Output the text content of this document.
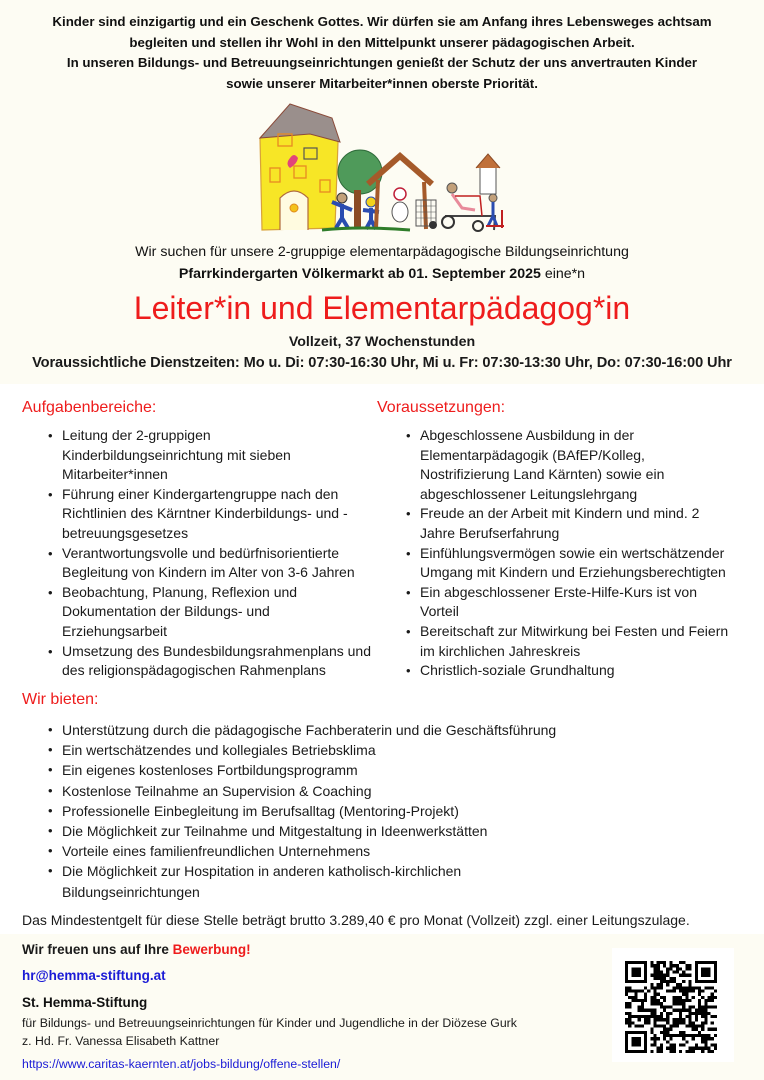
Kinder sind einzigartig und ein Geschenk Gottes. Wir dürfen sie am Anfang ihres Lebensweges achtsam
begleiten und stellen ihr Wohl in den Mittelpunkt unserer pädagogischen Arbeit.
In unseren Bildungs- und Betreuungseinrichtungen genießt der Schutz der uns anvertrauten Kinder
sowie unserer Mitarbeiter*innen oberste Priorität.
Wir suchen für unsere 2-gruppige elementarpädagogische Bildungseinrichtung
Pfarrkindergarten Völkermarkt ab 01. September 2025 eine*n
Leiter*in und Elementarpädagog*in
Vollzeit, 37 Wochenstunden
Voraussichtliche Dienstzeiten: Mo u. Di: 07:30-16:30 Uhr, Mi u. Fr: 07:30-13:30 Uhr, Do: 07:30-16:00 Uhr
Aufgabenbereiche:
• Leitung der 2-gruppigen
Kinderbildungseinrichtung mit sieben
Mitarbeiter*innen
• Führung einer Kindergartengruppe nach den
Richtlinien des Kärntner Kinderbildungs- und -
betreuungsgesetzes
• Verantwortungsvolle und bedürfnisorientierte
Begleitung von Kindern im Alter von 3-6 Jahren
• Beobachtung, Planung, Reflexion und
Dokumentation der Bildungs- und
Erziehungsarbeit
• Umsetzung des Bundesbildungsrahmenplans und
des religionspädagogischen Rahmenplans
Voraussetzungen:
• Abgeschlossene Ausbildung in der
Elementarpädagogik (BAfEP/Kolleg,
Nostrifizierung Land Kärnten) sowie ein
abgeschlossener Leitungslehrgang
• Freude an der Arbeit mit Kindern und mind. 2
Jahre Berufserfahrung
• Einfühlungsvermögen sowie ein wertschätzender
Umgang mit Kindern und Erziehungsberechtigten
• Ein abgeschlossener Erste-Hilfe-Kurs ist von
Vorteil
• Bereitschaft zur Mitwirkung bei Festen und Feiern
im kirchlichen Jahreskreis
• Christlich-soziale Grundhaltung
Wir bieten:
• Unterstützung durch die pädagogische Fachberaterin und die Geschäftsführung
• Ein wertschätzendes und kollegiales Betriebsklima
• Ein eigenes kostenloses Fortbildungsprogramm
• Kostenlose Teilnahme an Supervision & Coaching
• Professionelle Einbegleitung im Berufsalltag (Mentoring-Projekt)
• Die Möglichkeit zur Teilnahme und Mitgestaltung in Ideenwerkstätten
• Vorteile eines familienfreundlichen Unternehmens
• Die Möglichkeit zur Hospitation in anderen katholisch-kirchlichen
Bildungseinrichtungen
Das Mindestentgelt für diese Stelle beträgt brutto 3.289,40 € pro Monat (Vollzeit) zzgl. einer Leitungszulage.
Wir freuen uns auf Ihre Bewerbung!
hr@hemma-stiftung.at
St. Hemma-Stiftung
für Bildungs- und Betreuungseinrichtungen für Kinder und Jugendliche in der Diözese Gurk
z. Hd. Fr. Vanessa Elisabeth Kattner
https://www.caritas-kaernten.at/jobs-bildung/offene-stellen/
